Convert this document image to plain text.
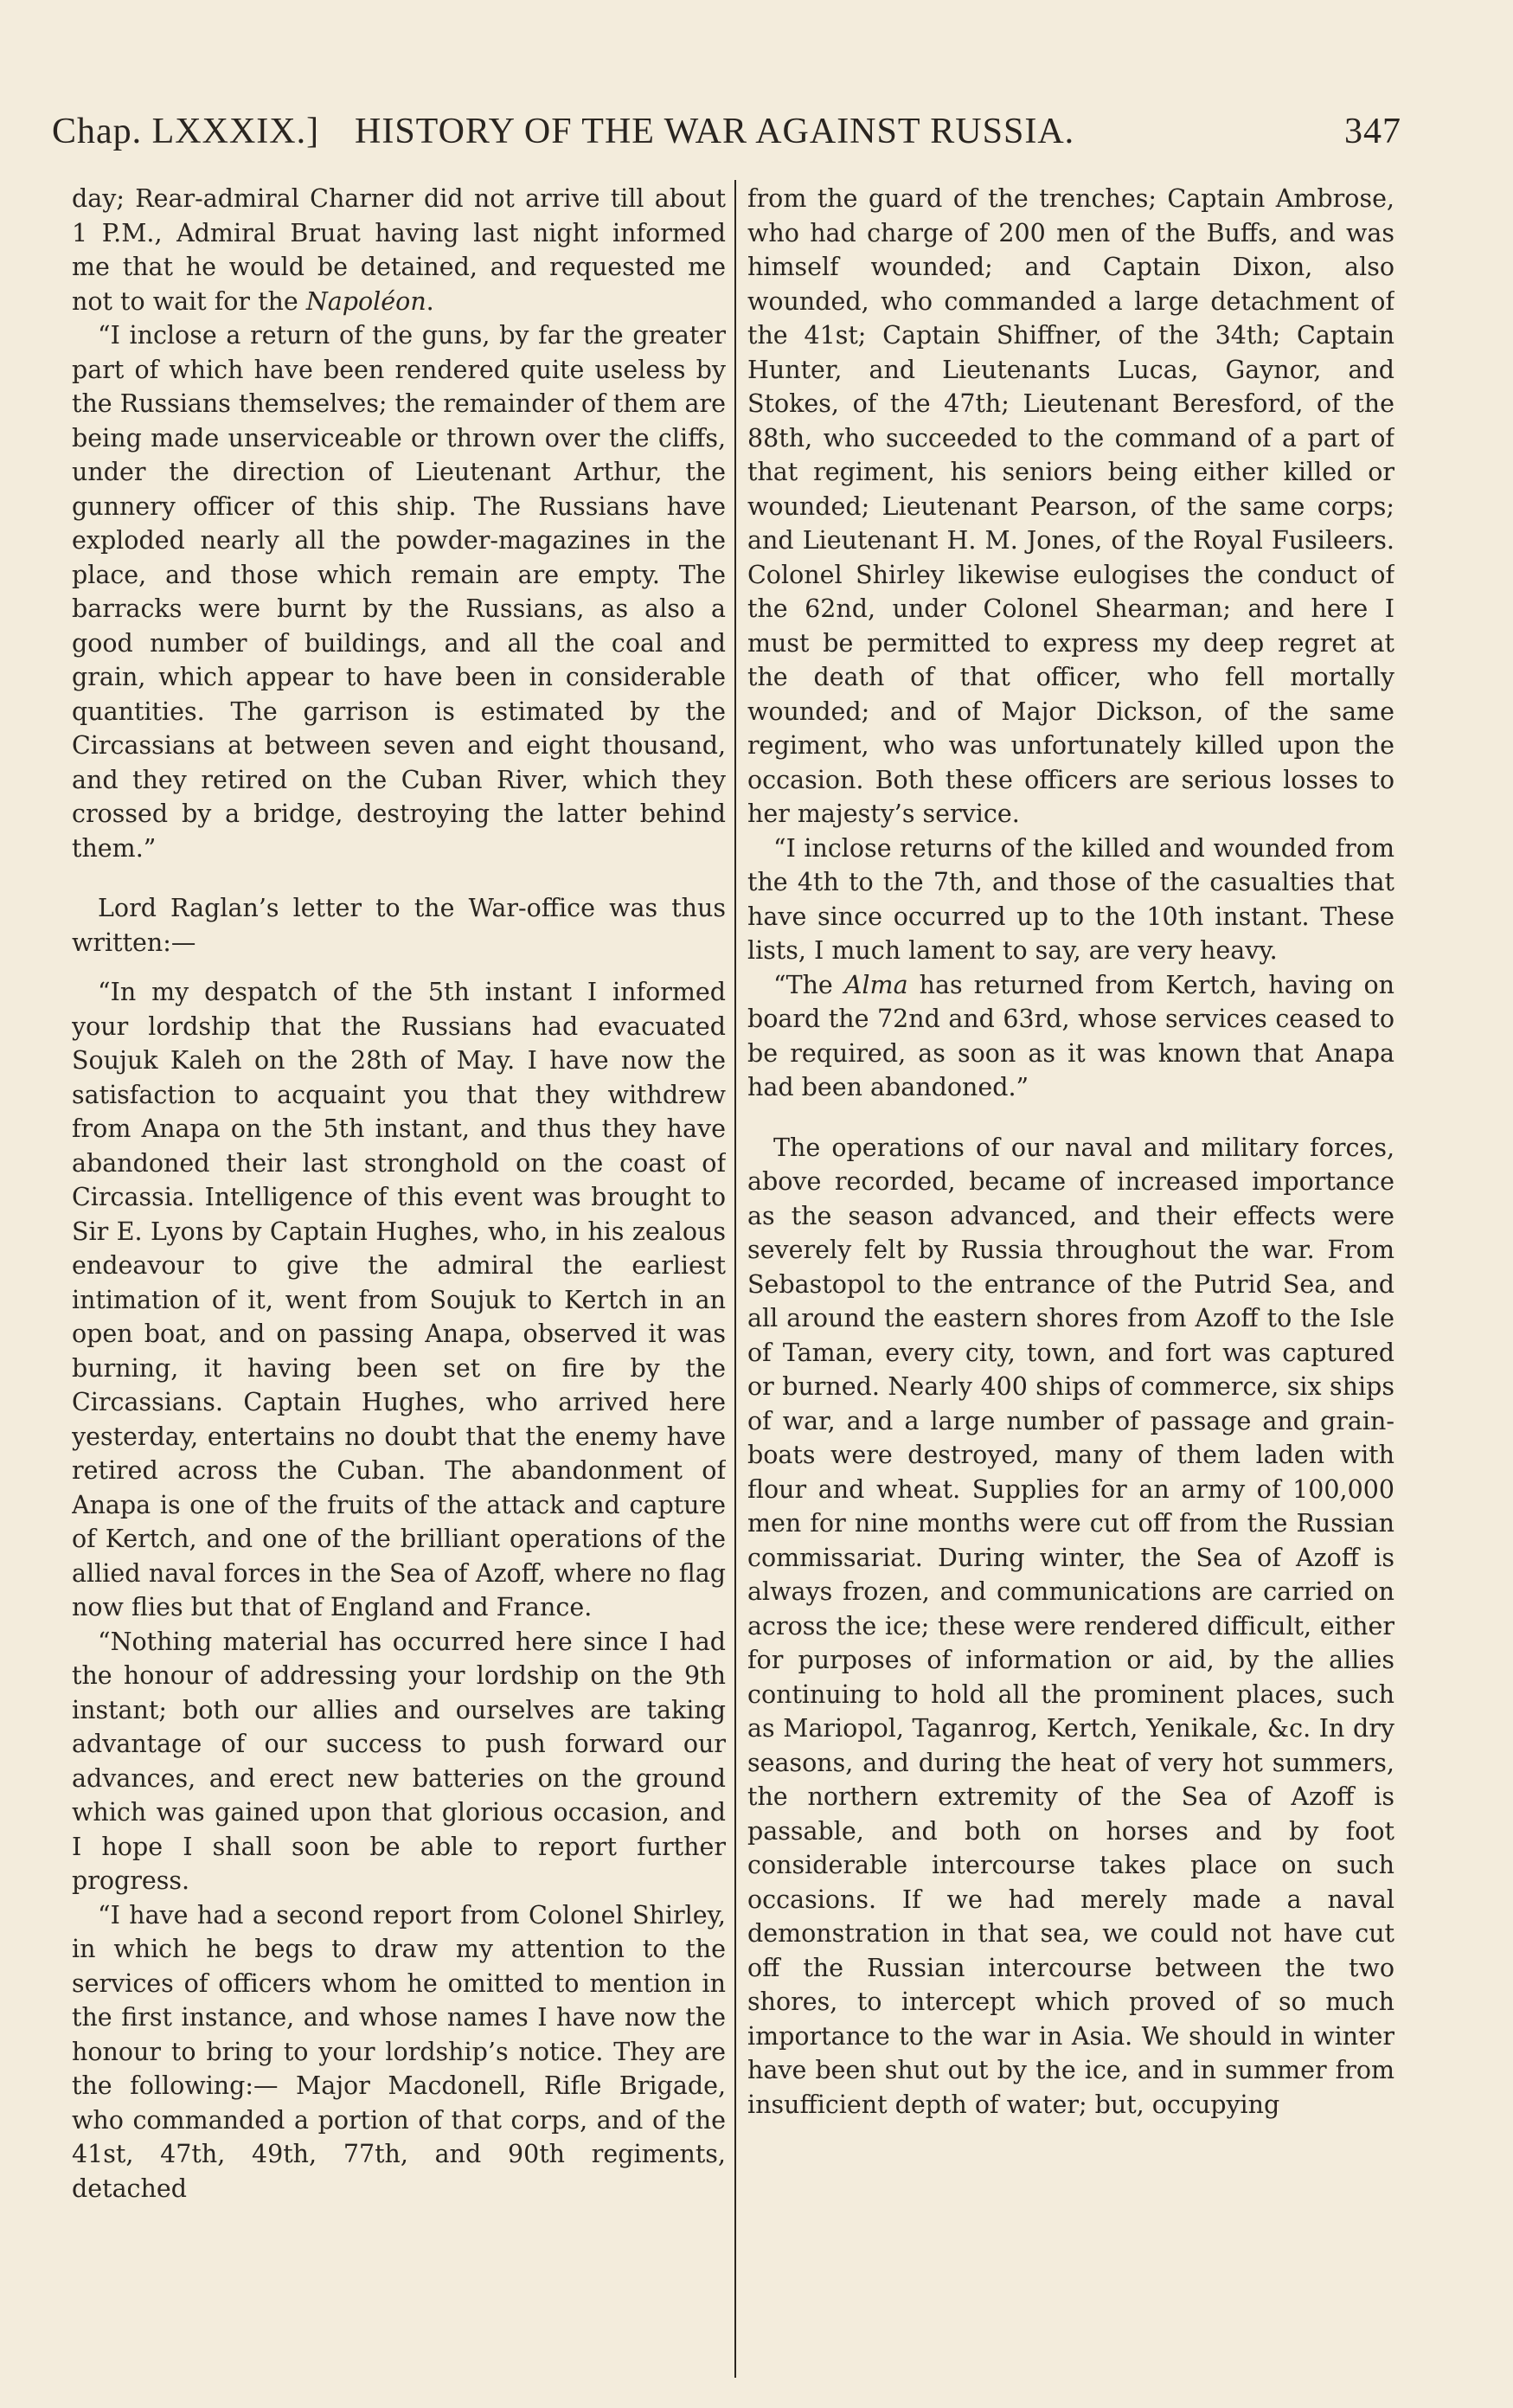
Chap. LXXXIX.] HISTORY OF THE WAR AGAINST RUSSIA.	347

day; Rear-admiral Charner did not arrive till about 1 P.M., Admiral Bruat having last night informed me that he would be detained, and requested me not to wait for the Napoléon.

“I inclose a return of the guns, by far the greater part of which have been rendered quite useless by the Russians themselves; the remainder of them are being made unserviceable or thrown over the cliffs, under the direction of Lieutenant Arthur, the gunnery officer of this ship. The Russians have exploded nearly all the powder-magazines in the place, and those which remain are empty. The barracks were burnt by the Russians, as also a good number of buildings, and all the coal and grain, which appear to have been in considerable quantities. The garrison is estimated by the Circassians at between seven and eight thousand, and they retired on the Cuban River, which they crossed by a bridge, destroying the latter behind them.”

Lord Raglan’s letter to the War-office was thus written:—

“In my despatch of the 5th instant I informed your lordship that the Russians had evacuated Soujuk Kaleh on the 28th of May. I have now the satisfaction to acquaint you that they withdrew from Anapa on the 5th instant, and thus they have abandoned their last stronghold on the coast of Circassia. Intelligence of this event was brought to Sir E. Lyons by Captain Hughes, who, in his zealous endeavour to give the admiral the earliest intimation of it, went from Soujuk to Kertch in an open boat, and on passing Anapa, observed it was burning, it having been set on fire by the Circassians. Captain Hughes, who arrived here yesterday, entertains no doubt that the enemy have retired across the Cuban. The abandonment of Anapa is one of the fruits of the attack and capture of Kertch, and one of the brilliant operations of the allied naval forces in the Sea of Azoff, where no flag now flies but that of England and France.

“Nothing material has occurred here since I had the honour of addressing your lordship on the 9th instant; both our allies and ourselves are taking advantage of our success to push forward our advances, and erect new batteries on the ground which was gained upon that glorious occasion, and I hope I shall soon be able to report further progress.

“I have had a second report from Colonel Shirley, in which he begs to draw my attention to the services of officers whom he omitted to mention in the first instance, and whose names I have now the honour to bring to your lordship’s notice. They are the following:— Major Macdonell, Rifle Brigade, who commanded a portion of that corps, and of the 41st, 47th, 49th, 77th, and 90th regiments, detached

from the guard of the trenches; Captain Ambrose, who had charge of 200 men of the Buffs, and was himself wounded; and Captain Dixon, also wounded, who commanded a large detachment of the 41st; Captain Shiffner, of the 34th; Captain Hunter, and Lieutenants Lucas, Gaynor, and Stokes, of the 47th; Lieutenant Beresford, of the 88th, who succeeded to the command of a part of that regiment, his seniors being either killed or wounded; Lieutenant Pearson, of the same corps; and Lieutenant H. M. Jones, of the Royal Fusileers. Colonel Shirley likewise eulogises the conduct of the 62nd, under Colonel Shearman; and here I must be permitted to express my deep regret at the death of that officer, who fell mortally wounded; and of Major Dickson, of the same regiment, who was unfortunately killed upon the occasion. Both these officers are serious losses to her majesty’s service.

“I inclose returns of the killed and wounded from the 4th to the 7th, and those of the casualties that have since occurred up to the 10th instant. These lists, I much lament to say, are very heavy.

“The Alma has returned from Kertch, having on board the 72nd and 63rd, whose services ceased to be required, as soon as it was known that Anapa had been abandoned.”

The operations of our naval and military forces, above recorded, became of increased importance as the season advanced, and their effects were severely felt by Russia throughout the war. From Sebastopol to the entrance of the Putrid Sea, and all around the eastern shores from Azoff to the Isle of Taman, every city, town, and fort was captured or burned. Nearly 400 ships of commerce, six ships of war, and a large number of passage and grain-boats were destroyed, many of them laden with flour and wheat. Supplies for an army of 100,000 men for nine months were cut off from the Russian commissariat. During winter, the Sea of Azoff is always frozen, and communications are carried on across the ice; these were rendered difficult, either for purposes of information or aid, by the allies continuing to hold all the prominent places, such as Mariopol, Taganrog, Kertch, Yenikale, &c. In dry seasons, and during the heat of very hot summers, the northern extremity of the Sea of Azoff is passable, and both on horses and by foot considerable intercourse takes place on such occasions. If we had merely made a naval demonstration in that sea, we could not have cut off the Russian intercourse between the two shores, to intercept which proved of so much importance to the war in Asia. We should in winter have been shut out by the ice, and in summer from insufficient depth of water; but, occupying
